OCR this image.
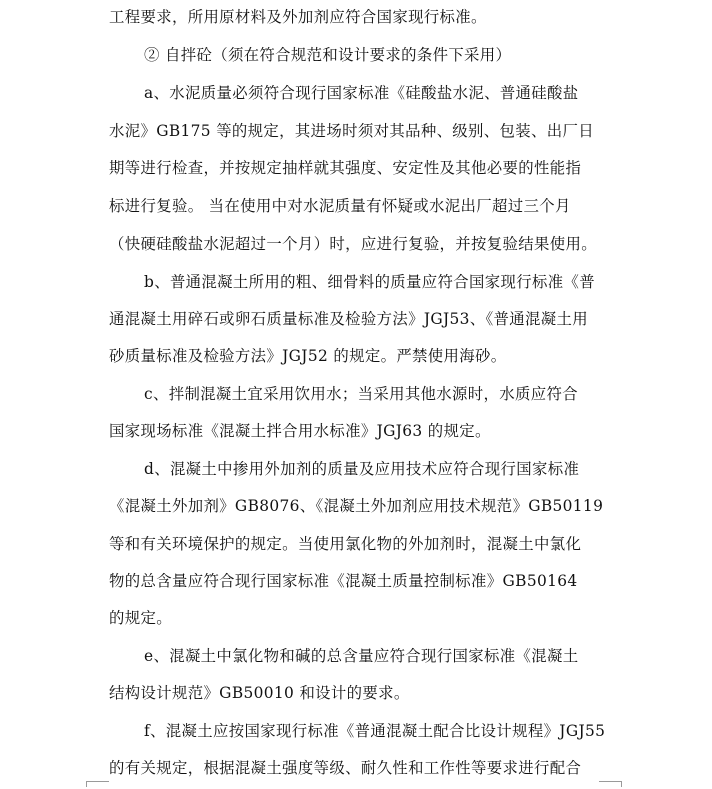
工程要求，所用原材料及外加剂应符合国家现行标准。
② 自拌砼（须在符合规范和设计要求的条件下采用）
a、水泥质量必须符合现行国家标准《硅酸盐水泥、普通硅酸盐
水泥》GB175 等的规定，其进场时须对其品种、级别、包装、出厂日
期等进行检查，并按规定抽样就其强度、安定性及其他必要的性能指
标进行复验。 当在使用中对水泥质量有怀疑或水泥出厂超过三个月
（快硬硅酸盐水泥超过一个月）时，应进行复验，并按复验结果使用。
b、普通混凝土所用的粗、细骨料的质量应符合国家现行标准《普
通混凝土用碎石或卵石质量标准及检验方法》JGJ53、《普通混凝土用
砂质量标准及检验方法》JGJ52 的规定。严禁使用海砂。
c、拌制混凝土宜采用饮用水；当采用其他水源时，水质应符合
国家现场标准《混凝土拌合用水标准》JGJ63 的规定。
d、混凝土中掺用外加剂的质量及应用技术应符合现行国家标准
《混凝土外加剂》GB8076、《混凝土外加剂应用技术规范》GB50119
等和有关环境保护的规定。当使用氯化物的外加剂时，混凝土中氯化
物的总含量应符合现行国家标准《混凝土质量控制标准》GB50164
的规定。
e、混凝土中氯化物和碱的总含量应符合现行国家标准《混凝土
结构设计规范》GB50010 和设计的要求。
f、混凝土应按国家现行标准《普通混凝土配合比设计规程》JGJ55
的有关规定，根据混凝土强度等级、耐久性和工作性等要求进行配合
